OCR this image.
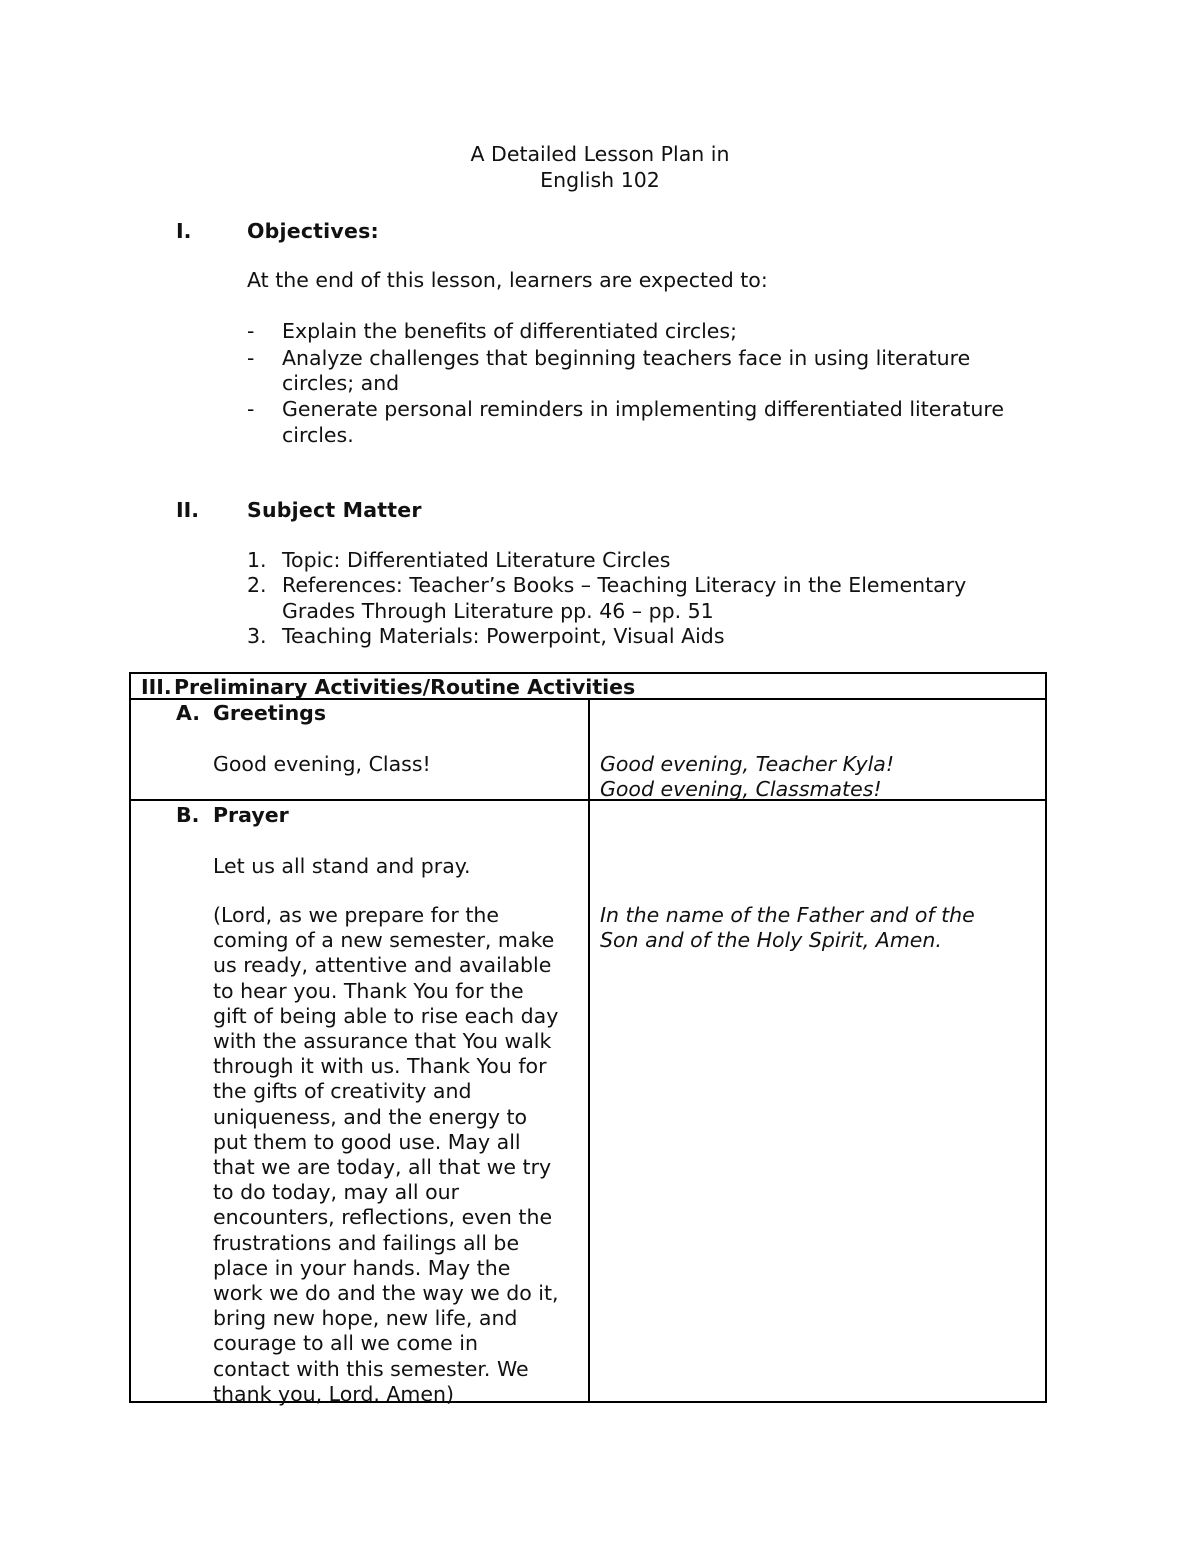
A Detailed Lesson Plan in
English 102
I.	Objectives:
At the end of this lesson, learners are expected to:
- Explain the benefits of differentiated circles;
- Analyze challenges that beginning teachers face in using literature
circles; and
- Generate personal reminders in implementing differentiated literature
circles.
II. Subject Matter
1. Topic: Differentiated Literature Circles
2. References: Teacher’s Books – Teaching Literacy in the Elementary
Grades Through Literature pp. 46 – pp. 51
3. Teaching Materials: Powerpoint, Visual Aids
III. Preliminary Activities/Routine Activities
A. Greetings
Good evening, Class!	Good evening, Teacher Kyla!
Good evening, Classmates!
B. Prayer
Let us all stand and pray.
(Lord, as we prepare for the
coming of a new semester, make
us ready, attentive and available
to hear you. Thank You for the
gift of being able to rise each day
with the assurance that You walk
through it with us. Thank You for
the gifts of creativity and
uniqueness, and the energy to
put them to good use. May all
that we are today, all that we try
to do today, may all our
encounters, reflections, even the
frustrations and failings all be
place in your hands. May the
work we do and the way we do it,
bring new hope, new life, and
courage to all we come in
contact with this semester. We
thank you, Lord. Amen)
In the name of the Father and of the
Son and of the Holy Spirit, Amen.
